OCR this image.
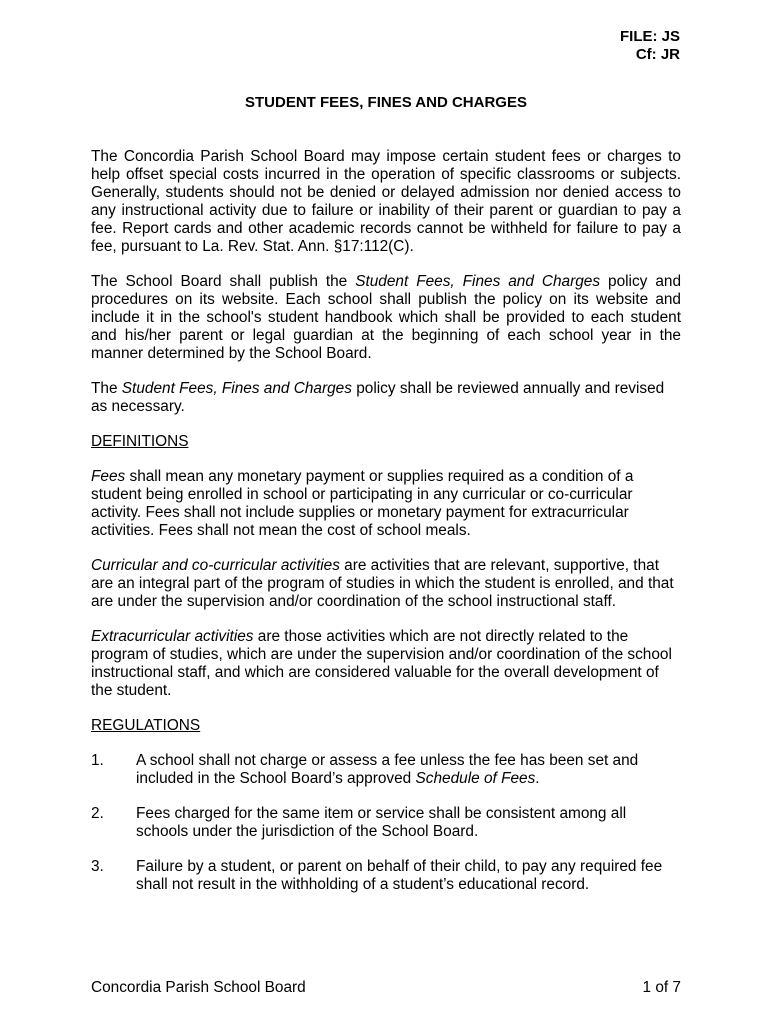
FILE: JS
Cf: JR
STUDENT FEES, FINES AND CHARGES

The Concordia Parish School Board may impose certain student fees or charges to help offset special costs incurred in the operation of specific classrooms or subjects. Generally, students should not be denied or delayed admission nor denied access to any instructional activity due to failure or inability of their parent or guardian to pay a fee. Report cards and other academic records cannot be withheld for failure to pay a fee, pursuant to La. Rev. Stat. Ann. §17:112(C).

The School Board shall publish the Student Fees, Fines and Charges policy and procedures on its website. Each school shall publish the policy on its website and include it in the school's student handbook which shall be provided to each student and his/her parent or legal guardian at the beginning of each school year in the manner determined by the School Board.

The Student Fees, Fines and Charges policy shall be reviewed annually and revised as necessary.

DEFINITIONS

Fees shall mean any monetary payment or supplies required as a condition of a student being enrolled in school or participating in any curricular or co-curricular activity. Fees shall not include supplies or monetary payment for extracurricular activities. Fees shall not mean the cost of school meals.

Curricular and co-curricular activities are activities that are relevant, supportive, that are an integral part of the program of studies in which the student is enrolled, and that are under the supervision and/or coordination of the school instructional staff.

Extracurricular activities are those activities which are not directly related to the program of studies, which are under the supervision and/or coordination of the school instructional staff, and which are considered valuable for the overall development of the student.

REGULATIONS
1.	A school shall not charge or assess a fee unless the fee has been set and included in the School Board’s approved Schedule of Fees.
2.	Fees charged for the same item or service shall be consistent among all schools under the jurisdiction of the School Board.
3.	Failure by a student, or parent on behalf of their child, to pay any required fee shall not result in the withholding of a student’s educational record.
Concordia Parish School Board	1 of 7
